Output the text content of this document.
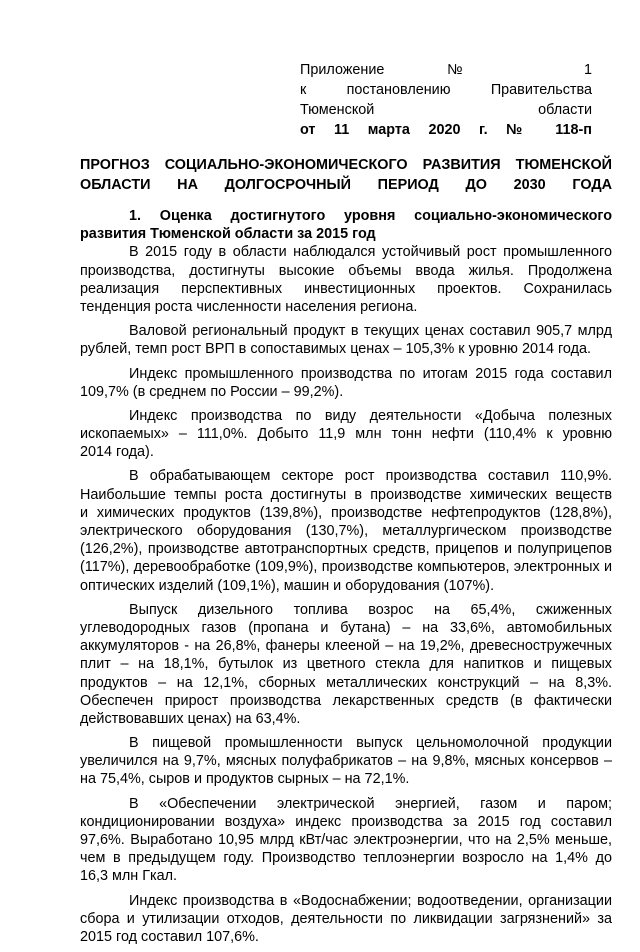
Приложение № 1
к постановлению Правительства
Тюменской области
от 11 марта 2020 г. № 118-п
ПРОГНОЗ СОЦИАЛЬНО-ЭКОНОМИЧЕСКОГО РАЗВИТИЯ ТЮМЕНСКОЙ
ОБЛАСТИ НА ДОЛГОСРОЧНЫЙ ПЕРИОД ДО 2030 ГОДА
1. Оценка достигнутого уровня социально-экономического
развития Тюменской области за 2015 год
В 2015 году в области наблюдался устойчивый рост промышленного
производства, достигнуты высокие объемы ввода жилья. Продолжена
реализация перспективных инвестиционных проектов. Сохранилась
тенденция роста численности населения региона.
Валовой региональный продукт в текущих ценах составил 905,7 млрд
рублей, темп рост ВРП в сопоставимых ценах – 105,3% к уровню 2014 года.
Индекс промышленного производства по итогам 2015 года составил
109,7% (в среднем по России – 99,2%).
Индекс производства по виду деятельности «Добыча полезных
ископаемых» – 111,0%. Добыто 11,9 млн тонн нефти (110,4% к уровню
2014 года).
В обрабатывающем секторе рост производства составил 110,9%.
Наибольшие темпы роста достигнуты в производстве химических веществ
и химических продуктов (139,8%), производстве нефтепродуктов (128,8%),
электрического оборудования (130,7%), металлургическом производстве
(126,2%), производстве автотранспортных средств, прицепов и полуприцепов
(117%), деревообработке (109,9%), производстве компьютеров, электронных и
оптических изделий (109,1%), машин и оборудования (107%).
Выпуск дизельного топлива возрос на 65,4%, сжиженных
углеводородных газов (пропана и бутана) – на 33,6%, автомобильных
аккумуляторов - на 26,8%, фанеры клееной – на 19,2%, древесностружечных
плит – на 18,1%, бутылок из цветного стекла для напитков и пищевых
продуктов – на 12,1%, сборных металлических конструкций – на 8,3%.
Обеспечен прирост производства лекарственных средств (в фактически
действовавших ценах) на 63,4%.
В пищевой промышленности выпуск цельномолочной продукции
увеличился на 9,7%, мясных полуфабрикатов – на 9,8%, мясных консервов –
на 75,4%, сыров и продуктов сырных – на 72,1%.
В «Обеспечении электрической энергией, газом и паром;
кондиционировании воздуха» индекс производства за 2015 год составил
97,6%. Выработано 10,95 млрд кВт/час электроэнергии, что на 2,5% меньше,
чем в предыдущем году. Производство теплоэнергии возросло на 1,4% до
16,3 млн Гкал.
Индекс производства в «Водоснабжении; водоотведении, организации
сбора и утилизации отходов, деятельности по ликвидации загрязнений» за
2015 год составил 107,6%.
